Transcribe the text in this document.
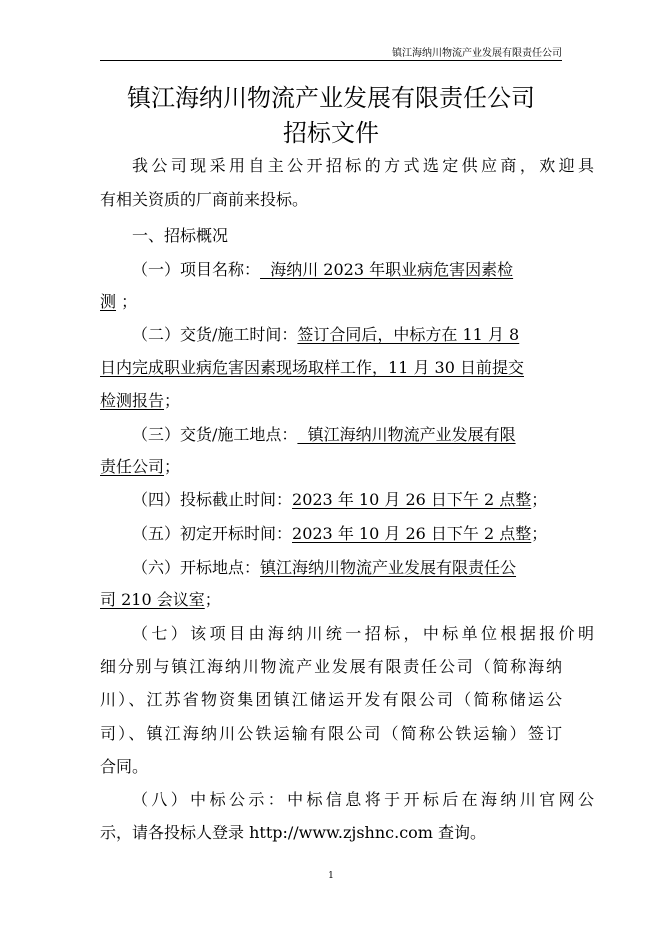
镇江海纳川物流产业发展有限责任公司
镇江海纳川物流产业发展有限责任公司
招标文件
我公司现采用自主公开招标的方式选定供应商，欢迎具
有相关资质的厂商前来投标。
一、招标概况
（一）项目名称：  海纳川 2023 年职业病危害因素检
测 ；
（二）交货/施工时间：签订合同后，中标方在 11 月 8
日内完成职业病危害因素现场取样工作，11 月 30 日前提交
检测报告；
（三）交货/施工地点：  镇江海纳川物流产业发展有限
责任公司；
（四）投标截止时间：2023 年 10 月 26 日下午 2 点整；
（五）初定开标时间：2023 年 10 月 26 日下午 2 点整；
（六）开标地点：镇江海纳川物流产业发展有限责任公
司 210 会议室；
（七）该项目由海纳川统一招标，中标单位根据报价明
细分别与镇江海纳川物流产业发展有限责任公司（简称海纳
川）、江苏省物资集团镇江储运开发有限公司（简称储运公
司）、镇江海纳川公铁运输有限公司（简称公铁运输）签订
合同。
（八）中标公示：中标信息将于开标后在海纳川官网公
示，请各投标人登录 http://www.zjshnc.com 查询。
1
